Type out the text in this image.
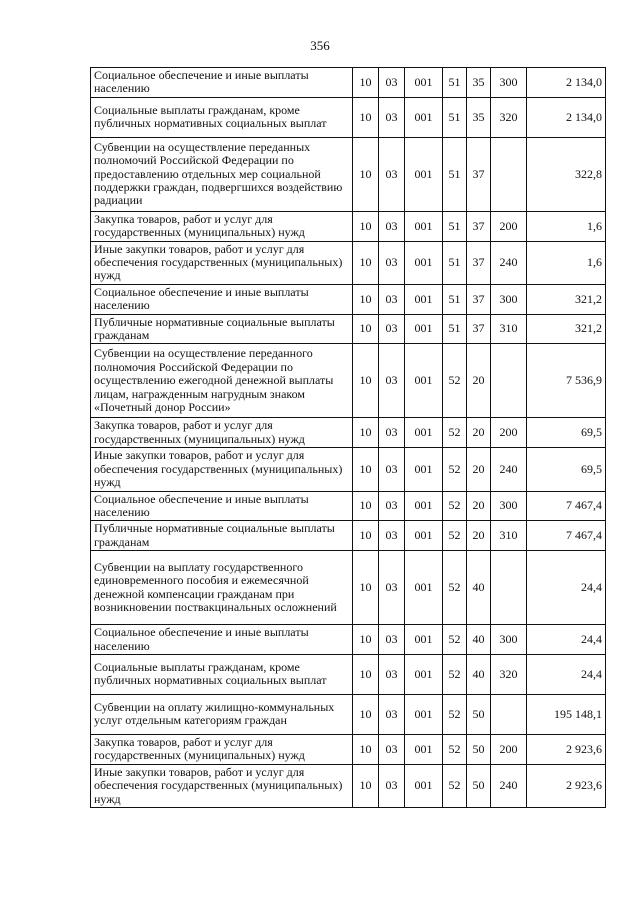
356
Социальное обеспечение и иные выплаты населению	10	03	001	51	35	300	2 134,0
Социальные выплаты гражданам, кроме публичных нормативных социальных выплат	10	03	001	51	35	320	2 134,0
Субвенции на осуществление переданных полномочий Российской Федерации по предоставлению отдельных мер социальной поддержки граждан, подвергшихся воздействию радиации	10	03	001	51	37		322,8
Закупка товаров, работ и услуг для государственных (муниципальных) нужд	10	03	001	51	37	200	1,6
Иные закупки товаров, работ и услуг для обеспечения государственных (муниципальных) нужд	10	03	001	51	37	240	1,6
Социальное обеспечение и иные выплаты населению	10	03	001	51	37	300	321,2
Публичные нормативные социальные выплаты гражданам	10	03	001	51	37	310	321,2
Субвенции на осуществление переданного полномочия Российской Федерации по осуществлению ежегодной денежной выплаты лицам, награжденным нагрудным знаком «Почетный донор России»	10	03	001	52	20		7 536,9
Закупка товаров, работ и услуг для государственных (муниципальных) нужд	10	03	001	52	20	200	69,5
Иные закупки товаров, работ и услуг для обеспечения государственных (муниципальных) нужд	10	03	001	52	20	240	69,5
Социальное обеспечение и иные выплаты населению	10	03	001	52	20	300	7 467,4
Публичные нормативные социальные выплаты гражданам	10	03	001	52	20	310	7 467,4
Субвенции на выплату государственного единовременного пособия и ежемесячной денежной компенсации гражданам при возникновении поствакцинальных осложнений	10	03	001	52	40		24,4
Социальное обеспечение и иные выплаты населению	10	03	001	52	40	300	24,4
Социальные выплаты гражданам, кроме публичных нормативных социальных выплат	10	03	001	52	40	320	24,4
Субвенции на оплату жилищно-коммунальных услуг отдельным категориям граждан	10	03	001	52	50		195 148,1
Закупка товаров, работ и услуг для государственных (муниципальных) нужд	10	03	001	52	50	200	2 923,6
Иные закупки товаров, работ и услуг для обеспечения государственных (муниципальных) нужд	10	03	001	52	50	240	2 923,6
